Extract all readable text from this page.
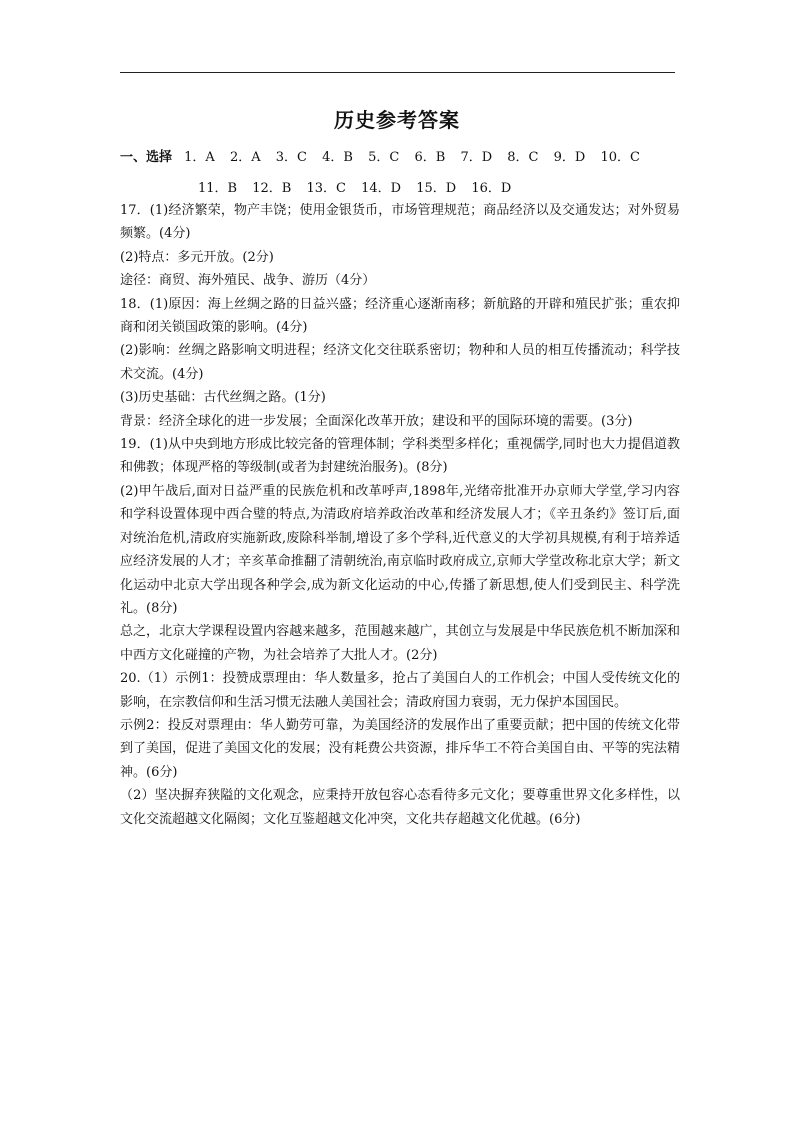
历史参考答案
一、选择 1．A 2．A 3．C 4．B 5．C 6．B 7．D 8．C 9．D 10．C
11．B 12．B 13．C 14．D 15．D 16．D

17．(1)经济繁荣，物产丰饶；使用金银货币，市场管理规范；商品经济以及交通发达；对外贸易频繁。(4分)

(2)特点：多元开放。(2分)

途径：商贸、海外殖民、战争、游历（4分）

18．(1)原因：海上丝绸之路的日益兴盛；经济重心逐渐南移；新航路的开辟和殖民扩张；重农抑商和闭关锁国政策的影响。(4分)

(2)影响：丝绸之路影响文明进程；经济文化交往联系密切；物种和人员的相互传播流动；科学技术交流。(4分)

(3)历史基础：古代丝绸之路。(1分)

背景：经济全球化的进一步发展；全面深化改革开放；建设和平的国际环境的需要。(3分)

19．(1)从中央到地方形成比较完备的管理体制；学科类型多样化；重视儒学,同时也大力提倡道教和佛教；体现严格的等级制(或者为封建统治服务)。(8分)

(2)甲午战后,面对日益严重的民族危机和改革呼声,1898年,光绪帝批准开办京师大学堂,学习内容和学科设置体现中西合璧的特点,为清政府培养政治改革和经济发展人才；《辛丑条约》签订后,面对统治危机,清政府实施新政,废除科举制,增设了多个学科,近代意义的大学初具规模,有利于培养适应经济发展的人才；辛亥革命推翻了清朝统治,南京临时政府成立,京师大学堂改称北京大学；新文化运动中北京大学出现各种学会,成为新文化运动的中心,传播了新思想,使人们受到民主、科学洗礼。(8分)

总之，北京大学课程设置内容越来越多，范围越来越广，其创立与发展是中华民族危机不断加深和中西方文化碰撞的产物，为社会培养了大批人才。(2分)

20.（1）示例1：投赞成票理由：华人数量多，抢占了美国白人的工作机会；中国人受传统文化的影响，在宗教信仰和生活习惯无法融人美国社会；清政府国力衰弱，无力保护本国国民。

示例2：投反对票理由：华人勤劳可靠，为美国经济的发展作出了重要贡献；把中国的传统文化带到了美国，促进了美国文化的发展；没有耗费公共资源，排斥华工不符合美国自由、平等的宪法精神。(6分)

（2）坚决摒弃狭隘的文化观念，应秉持开放包容心态看待多元文化；要尊重世界文化多样性，以文化交流超越文化隔阂；文化互鉴超越文化冲突，文化共存超越文化优越。(6分)
